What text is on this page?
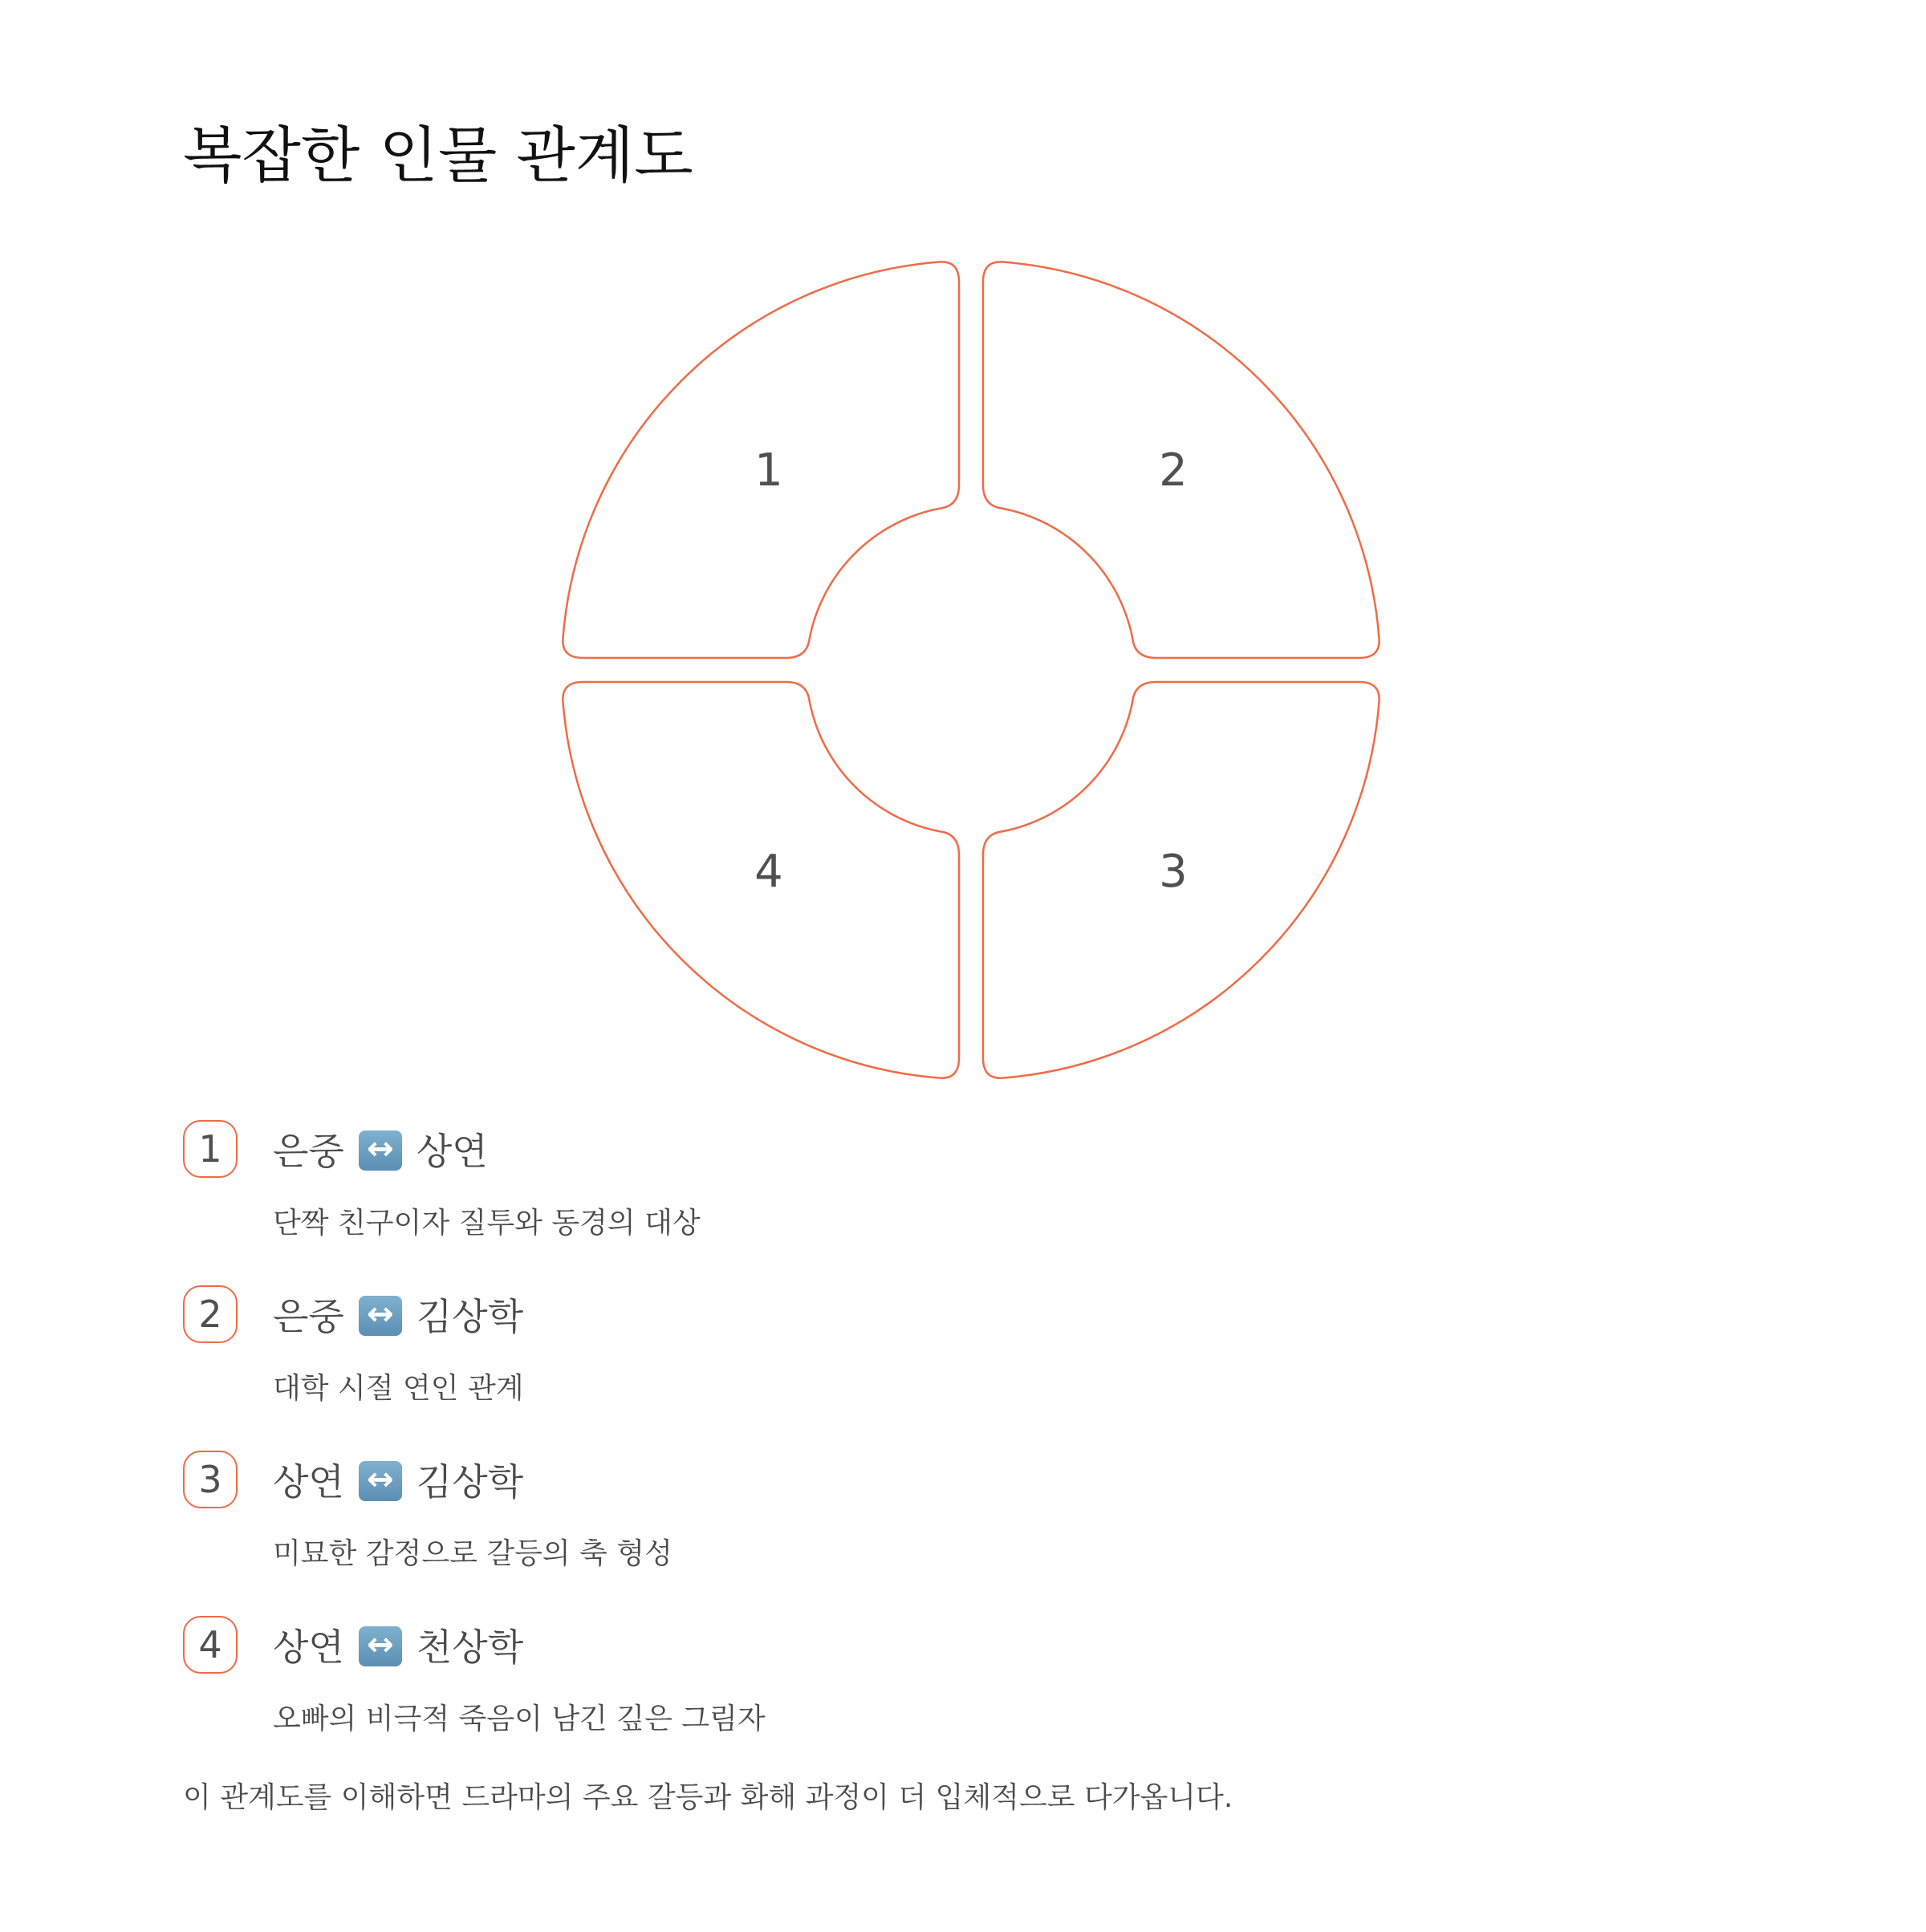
복잡한 인물 관계도
1	2
3
4
1	은중 ↔ 상연
단짝 친구이자 질투와 동경의 대상
2	은중 ↔ 김상학
대학 시절 연인 관계
3	상연 ↔ 김상학
미묘한 감정으로 갈등의 축 형성
4	상연 ↔ 천상학
오빠의 비극적 죽음이 남긴 깊은 그림자
이 관계도를 이해하면 드라마의 주요 갈등과 화해 과정이 더 입체적으로 다가옵니다.
